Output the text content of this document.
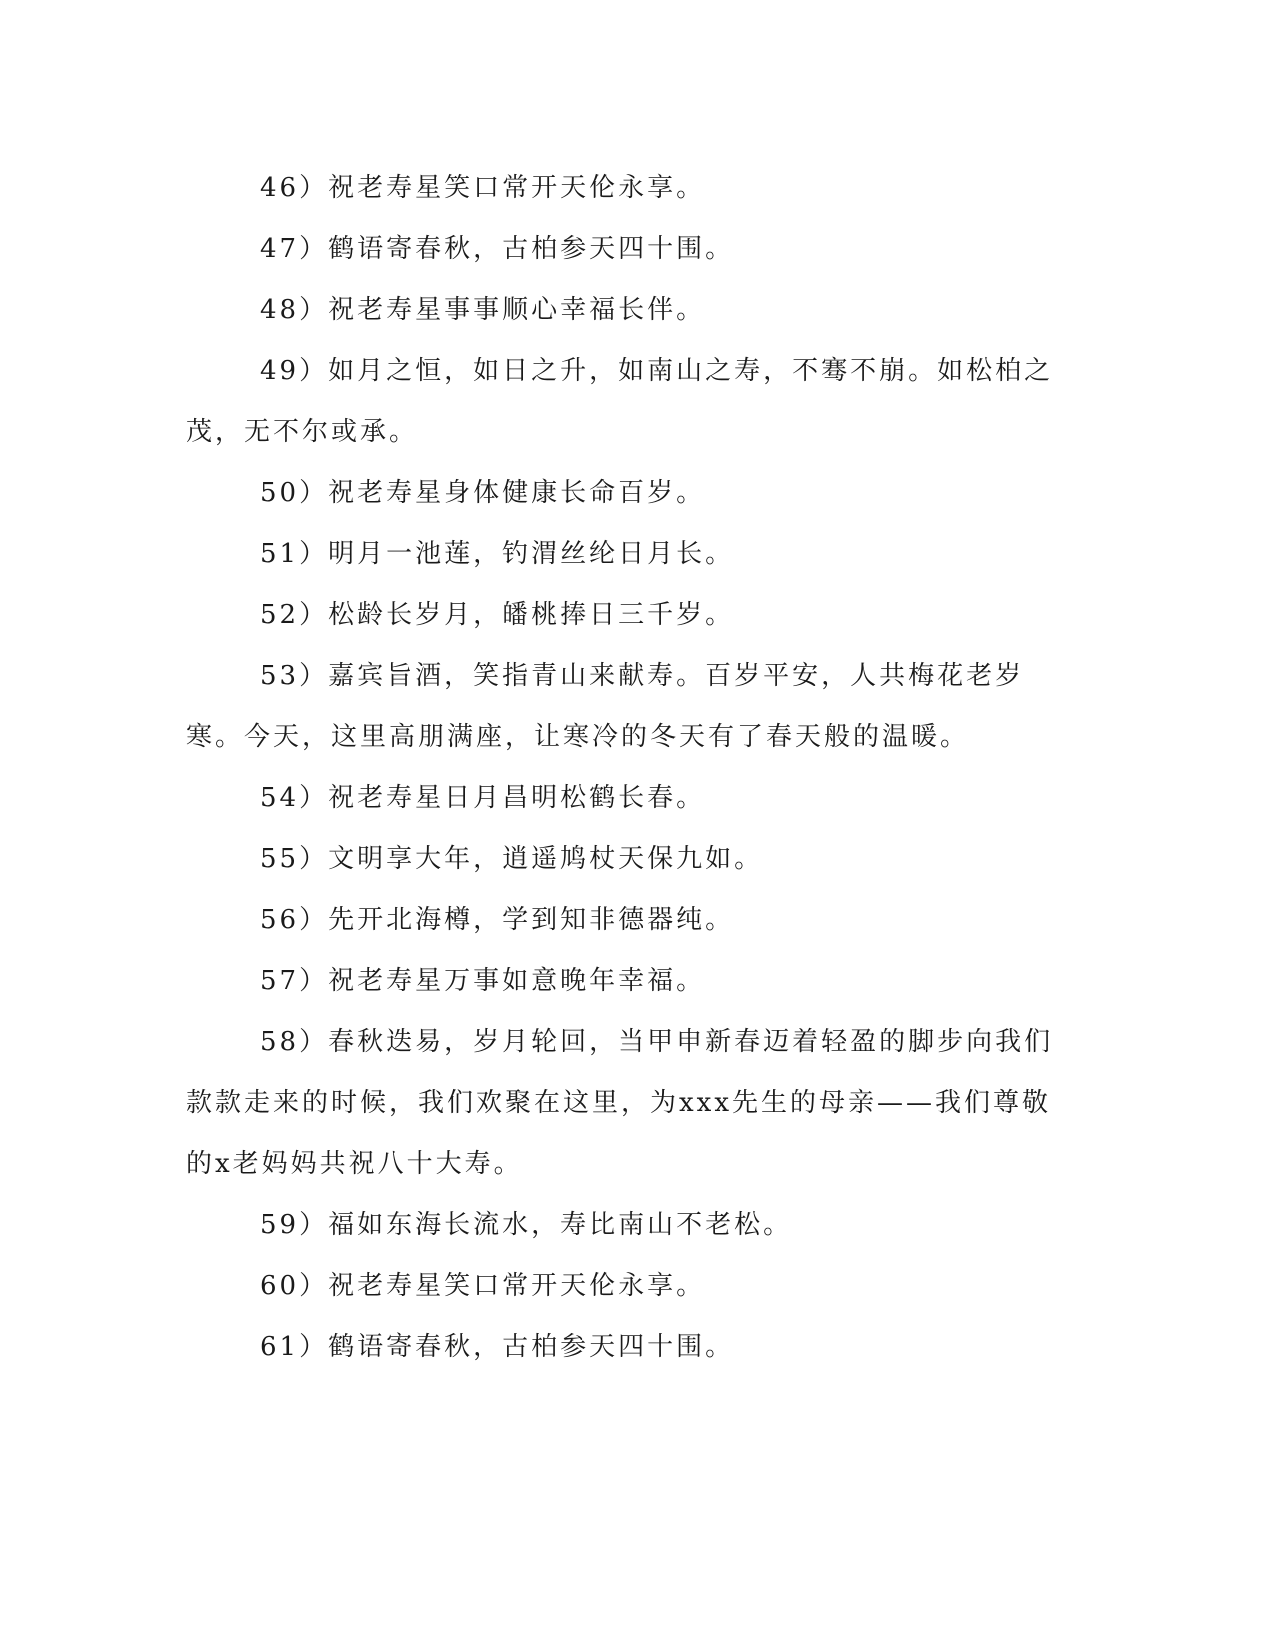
46）祝老寿星笑口常开天伦永享。

47）鹤语寄春秋，古柏参天四十围。

48）祝老寿星事事顺心幸福长伴。

49）如月之恒，如日之升，如南山之寿，不骞不崩。如松柏之茂，无不尔或承。

50）祝老寿星身体健康长命百岁。

51）明月一池莲，钓渭丝纶日月长。

52）松龄长岁月，皤桃捧日三千岁。

53）嘉宾旨酒，笑指青山来献寿。百岁平安，人共梅花老岁寒。今天，这里高朋满座，让寒冷的冬天有了春天般的温暖。

54）祝老寿星日月昌明松鹤长春。

55）文明享大年，逍遥鸠杖天保九如。

56）先开北海樽，学到知非德器纯。

57）祝老寿星万事如意晚年幸福。

58）春秋迭易，岁月轮回，当甲申新春迈着轻盈的脚步向我们款款走来的时候，我们欢聚在这里，为xxx先生的母亲——我们尊敬的x老妈妈共祝八十大寿。

59）福如东海长流水，寿比南山不老松。

60）祝老寿星笑口常开天伦永享。

61）鹤语寄春秋，古柏参天四十围。
